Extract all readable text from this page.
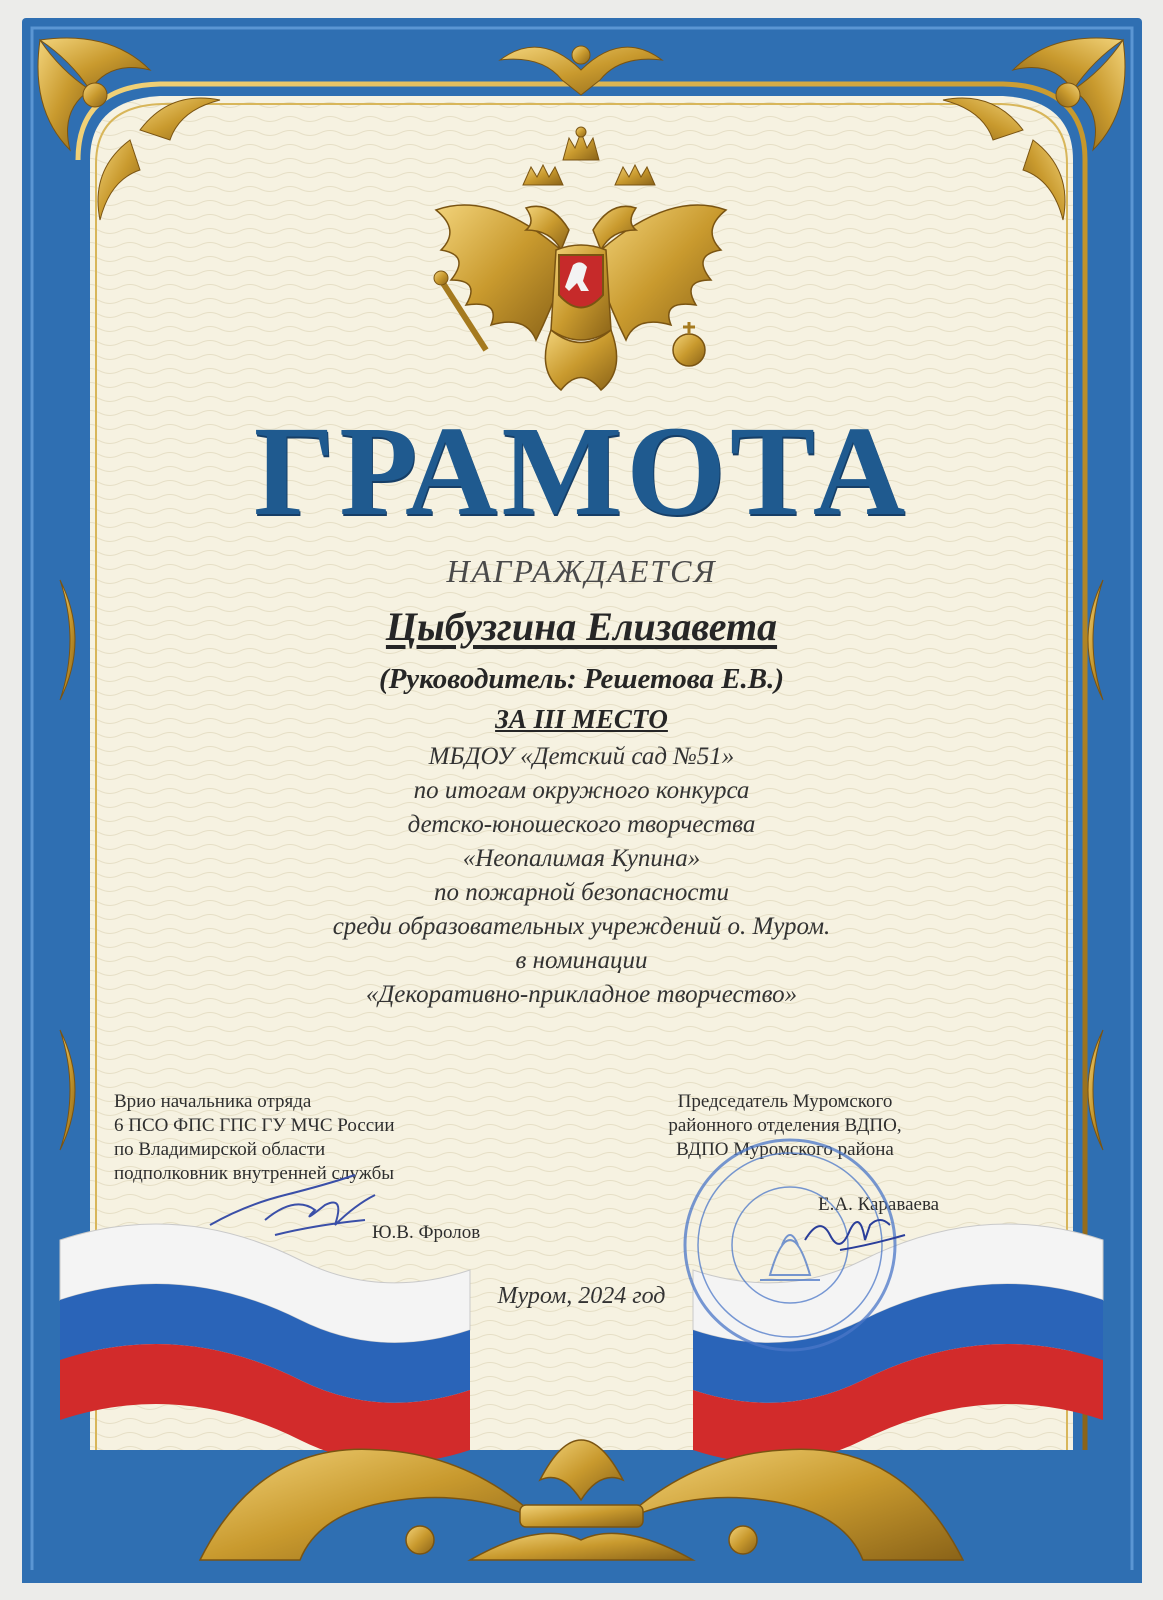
ГРАМОТА
НАГРАЖДАЕТСЯ
Цыбузгина Елизавета
(Руководитель: Решетова Е.В.)
ЗА III МЕСТО
МБДОУ «Детский сад №51»
по итогам окружного конкурса
детско-юношеского творчества
«Неопалимая Купина»
по пожарной безопасности
среди образовательных учреждений о. Муром.
в номинации
«Декоративно-прикладное творчество»
Врио начальника отряда
6 ПСО ФПС ГПС ГУ МЧС России
по Владимирской области
подполковник внутренней службы
Ю.В. Фролов
Председатель Муромского
районного отделения ВДПО,
ВДПО Муромского района
Е.А. Караваева
Муром, 2024 год
